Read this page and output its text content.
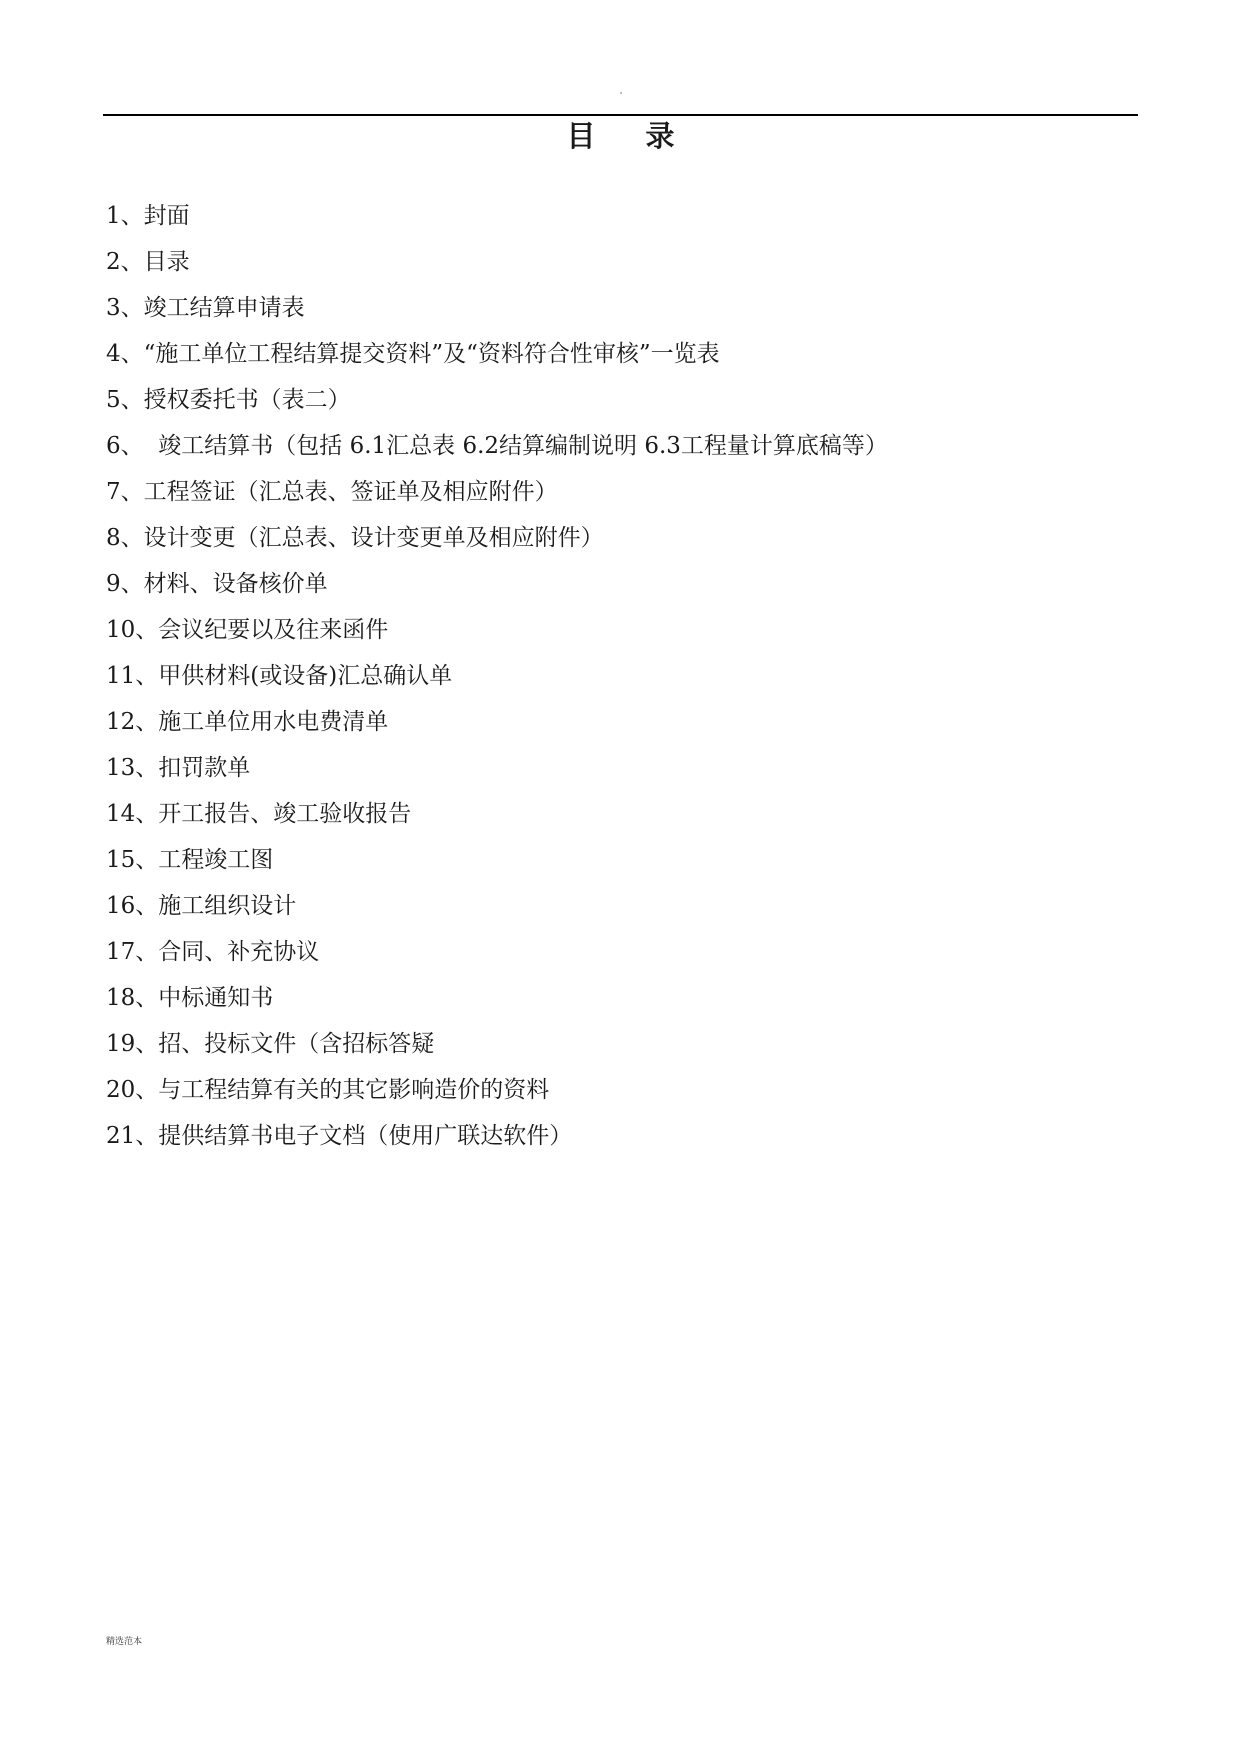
目 录
1、封面
2、目录
3、竣工结算申请表
4、“施工单位工程结算提交资料”及“资料符合性审核”一览表
5、授权委托书（表二）
6、  竣工结算书（包括 6.1汇总表 6.2结算编制说明 6.3工程量计算底稿等）
7、工程签证（汇总表、签证单及相应附件）
8、设计变更（汇总表、设计变更单及相应附件）
9、材料、设备核价单
10、会议纪要以及往来函件
11、甲供材料(或设备)汇总确认单
12、施工单位用水电费清单
13、扣罚款单
14、开工报告、竣工验收报告
15、工程竣工图
16、施工组织设计
17、合同、补充协议
18、中标通知书
19、招、投标文件（含招标答疑
20、与工程结算有关的其它影响造价的资料
21、提供结算书电子文档（使用广联达软件）
精选范本
